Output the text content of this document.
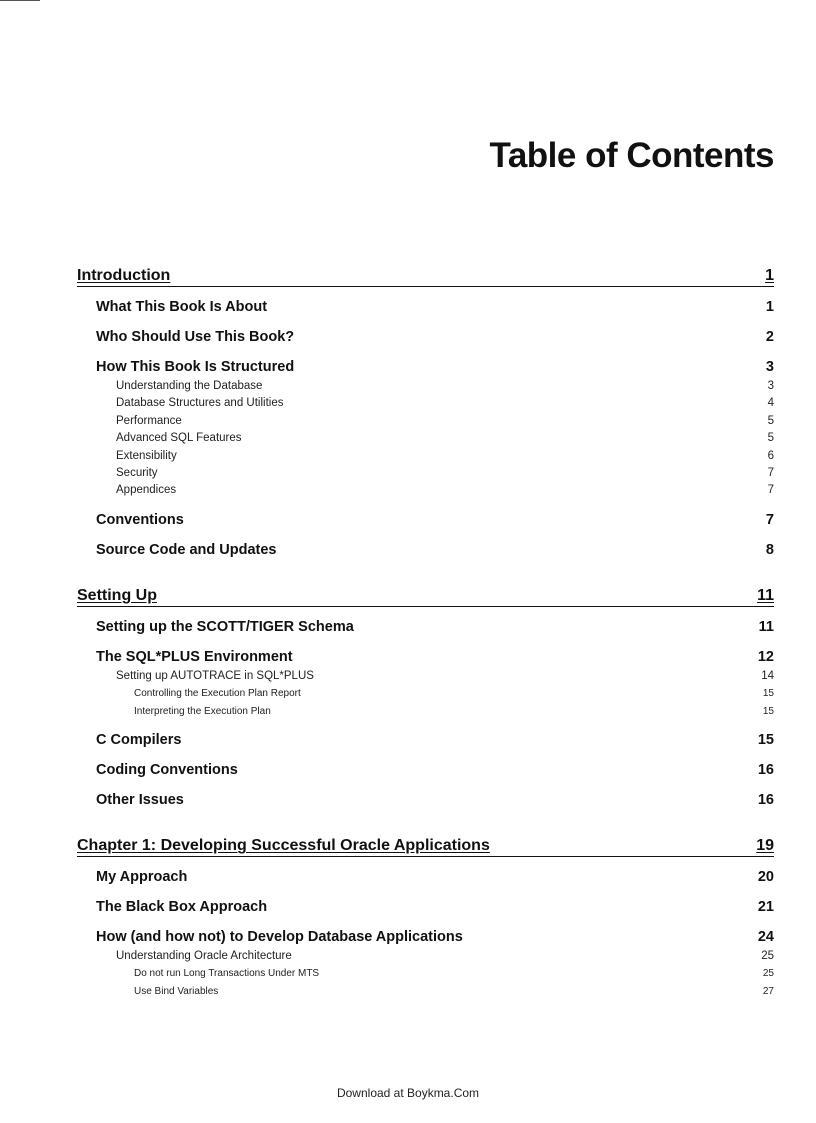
Table of Contents
Introduction	1
What This Book Is About	1
Who Should Use This Book?	2
How This Book Is Structured	3
Understanding the Database	3
Database Structures and Utilities	4
Performance	5
Advanced SQL Features	5
Extensibility	6
Security	7
Appendices	7
Conventions	7
Source Code and Updates	8
Setting Up	11
Setting up the SCOTT/TIGER Schema	11
The SQL*PLUS Environment	12
Setting up AUTOTRACE in SQL*PLUS	14
Controlling the Execution Plan Report	15
Interpreting the Execution Plan	15
C Compilers	15
Coding Conventions	16
Other Issues	16
Chapter 1: Developing Successful Oracle Applications	19
My Approach	20
The Black Box Approach	21
How (and how not) to Develop Database Applications	24
Understanding Oracle Architecture	25
Do not run Long Transactions Under MTS	25
Use Bind Variables	27
Download at Boykma.Com
